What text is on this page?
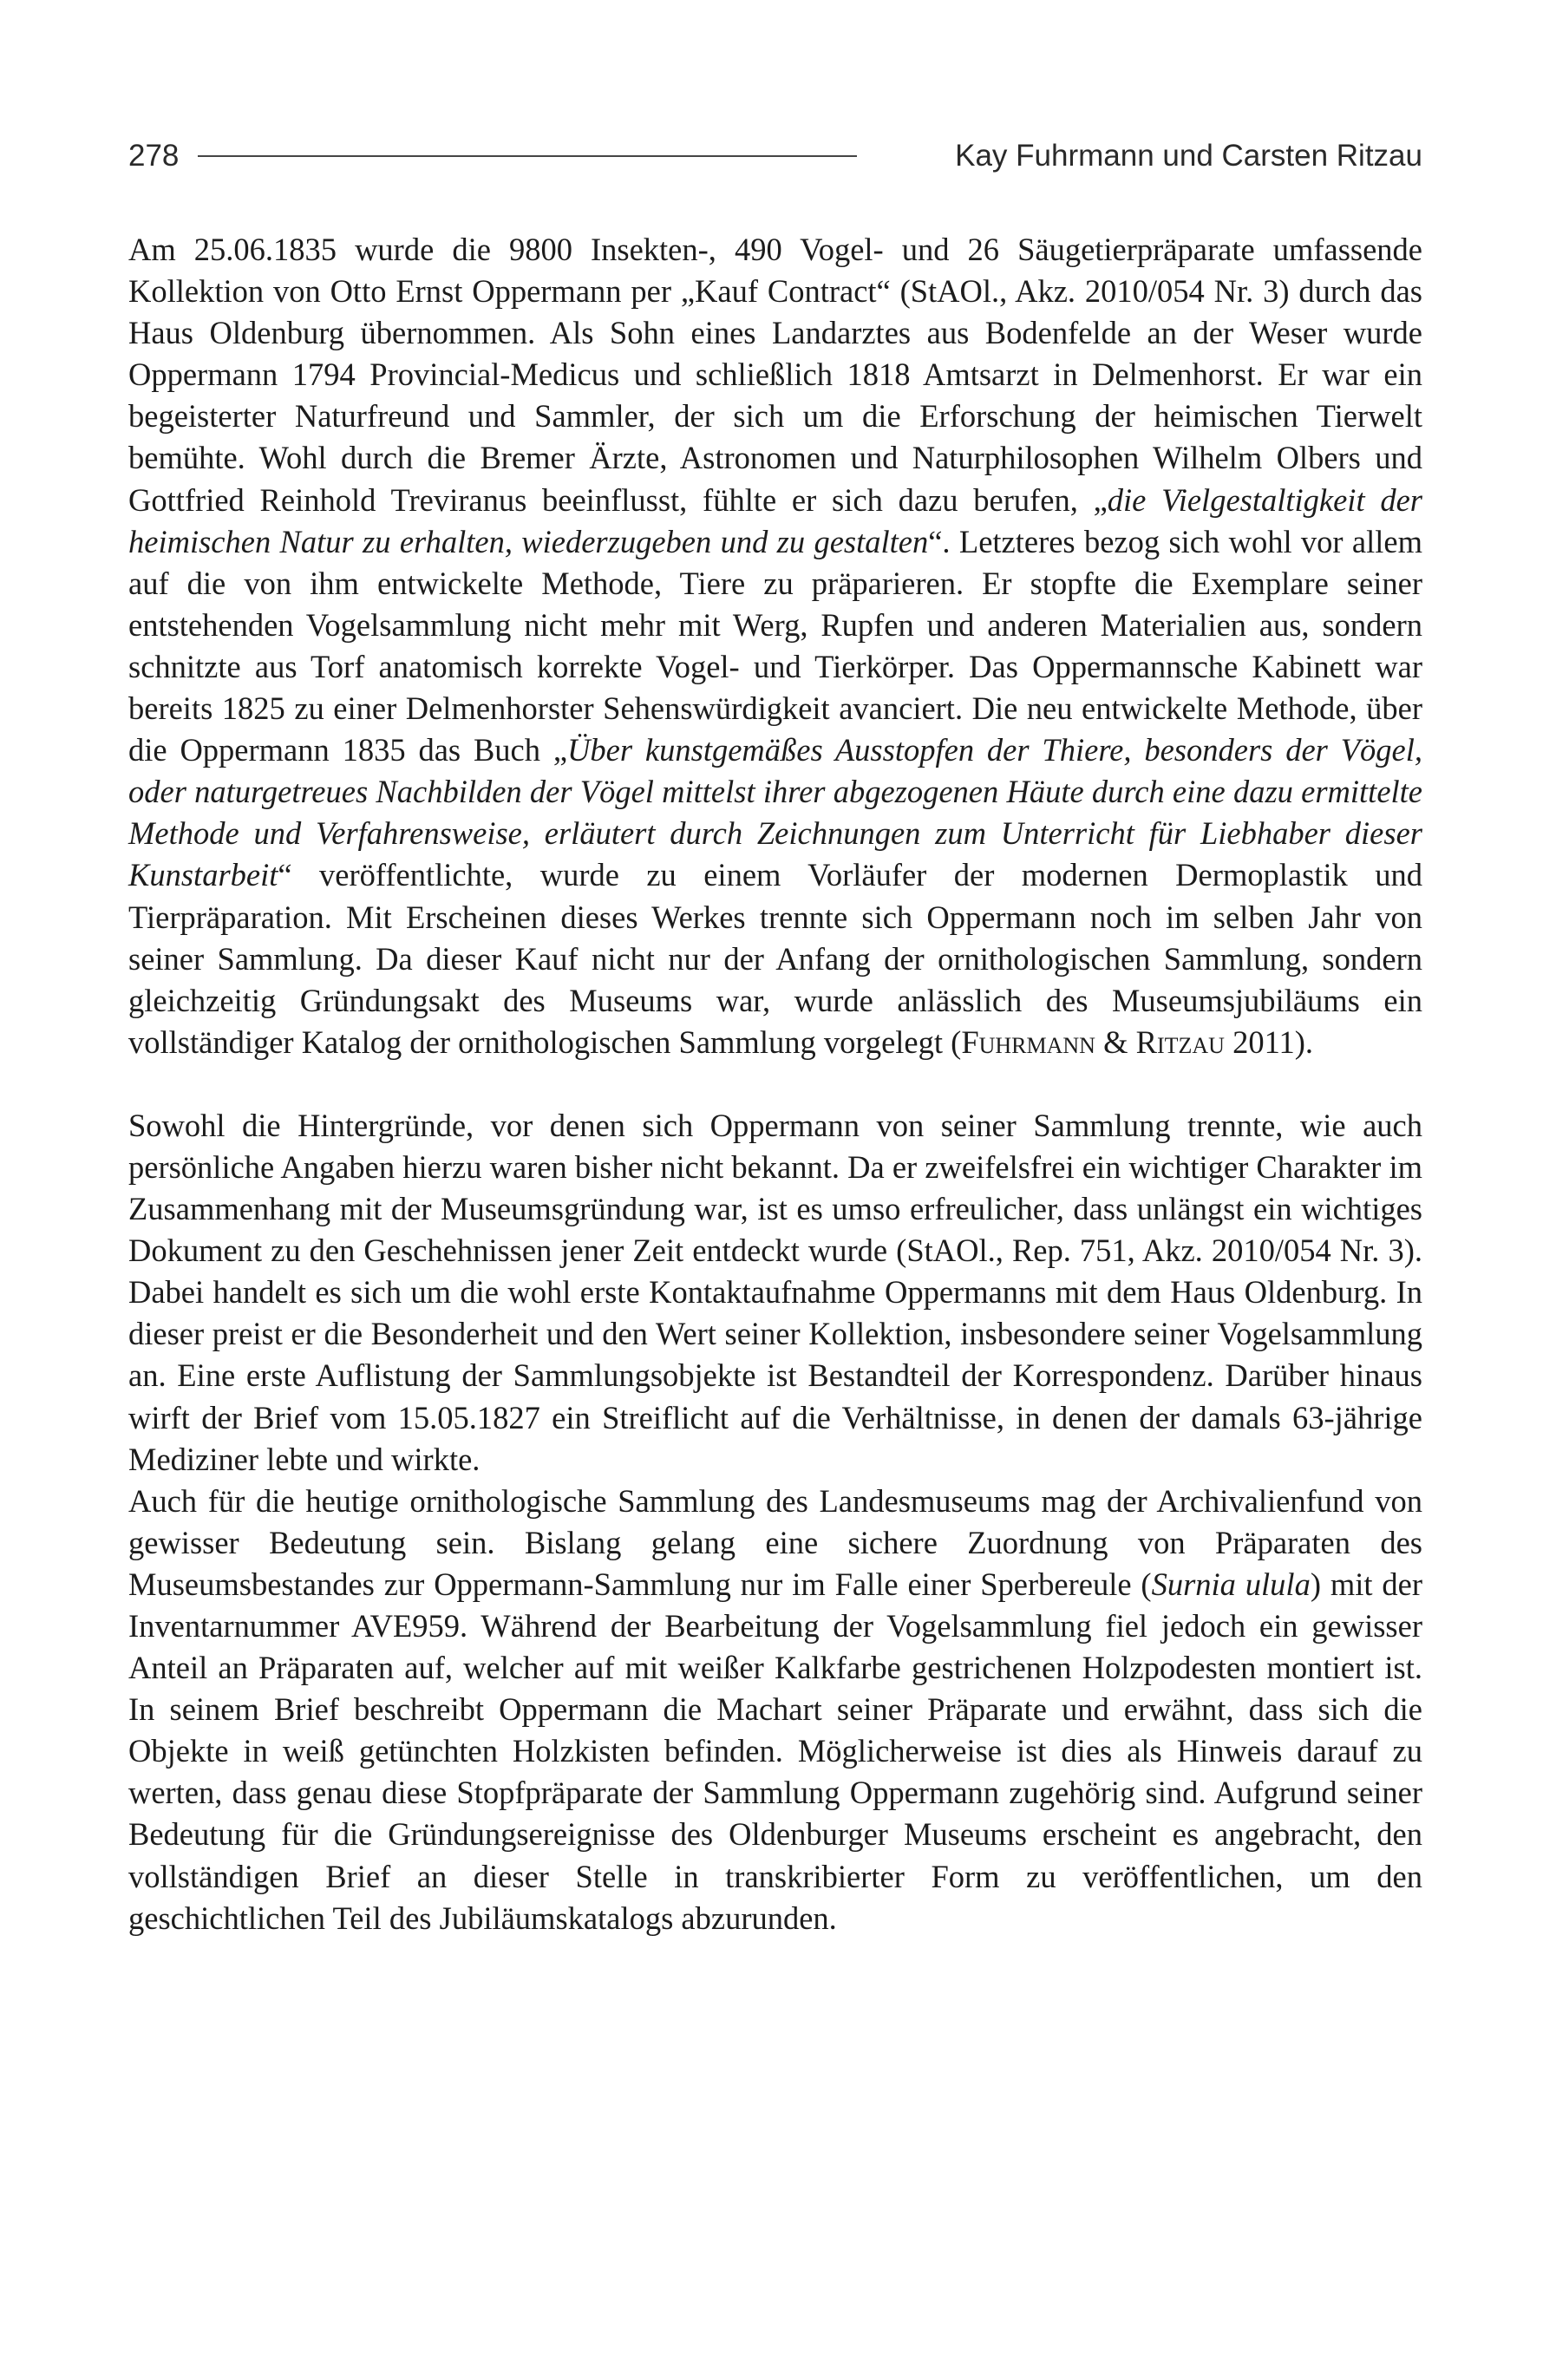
278	Kay Fuhrmann und Carsten Ritzau

Am 25.06.1835 wurde die 9800 Insekten-, 490 Vogel- und 26 Säugetierpräparate umfassende Kollektion von Otto Ernst Oppermann per „Kauf Contract“ (StAOl., Akz. 2010/054 Nr. 3) durch das Haus Oldenburg übernommen. Als Sohn eines Landarztes aus Bodenfelde an der Weser wurde Oppermann 1794 Provincial-Medicus und schließlich 1818 Amtsarzt in Delmenhorst. Er war ein begeisterter Naturfreund und Sammler, der sich um die Erforschung der heimischen Tierwelt bemühte. Wohl durch die Bremer Ärzte, Astronomen und Naturphilosophen Wilhelm Olbers und Gottfried Reinhold Treviranus beeinflusst, fühlte er sich dazu berufen, „die Vielgestaltigkeit der heimischen Natur zu erhalten, wiederzugeben und zu gestalten“. Letzteres bezog sich wohl vor allem auf die von ihm entwickelte Methode, Tiere zu präparieren. Er stopfte die Exemplare seiner entstehenden Vogelsammlung nicht mehr mit Werg, Rupfen und anderen Materialien aus, sondern schnitzte aus Torf anatomisch korrekte Vogel- und Tierkörper. Das Oppermannsche Kabinett war bereits 1825 zu einer Delmenhorster Sehenswürdigkeit avanciert. Die neu entwickelte Methode, über die Oppermann 1835 das Buch „Über kunstgemäßes Ausstopfen der Thiere, besonders der Vögel, oder naturgetreues Nachbilden der Vögel mittelst ihrer abgezogenen Häute durch eine dazu ermittelte Methode und Verfahrensweise, erläutert durch Zeichnungen zum Unterricht für Liebhaber dieser Kunstarbeit“ veröffentlichte, wurde zu einem Vorläufer der modernen Dermoplastik und Tierpräparation. Mit Erscheinen dieses Werkes trennte sich Oppermann noch im selben Jahr von seiner Sammlung. Da dieser Kauf nicht nur der Anfang der ornithologischen Sammlung, sondern gleichzeitig Gründungsakt des Museums war, wurde anlässlich des Museumsjubiläums ein vollständiger Katalog der ornithologischen Sammlung vorgelegt (Fuhrmann & Ritzau 2011).

Sowohl die Hintergründe, vor denen sich Oppermann von seiner Sammlung trennte, wie auch persönliche Angaben hierzu waren bisher nicht bekannt. Da er zweifelsfrei ein wichtiger Charakter im Zusammenhang mit der Museumsgründung war, ist es umso erfreulicher, dass unlängst ein wichtiges Dokument zu den Geschehnissen jener Zeit entdeckt wurde (StAOl., Rep. 751, Akz. 2010/054 Nr. 3). Dabei handelt es sich um die wohl erste Kontaktaufnahme Oppermanns mit dem Haus Oldenburg. In dieser preist er die Besonderheit und den Wert seiner Kollektion, insbesondere seiner Vogelsammlung an. Eine erste Auflistung der Sammlungsobjekte ist Bestandteil der Korrespondenz. Darüber hinaus wirft der Brief vom 15.05.1827 ein Streiflicht auf die Verhältnisse, in denen der damals 63-jährige Mediziner lebte und wirkte.

Auch für die heutige ornithologische Sammlung des Landesmuseums mag der Archivalienfund von gewisser Bedeutung sein. Bislang gelang eine sichere Zuordnung von Präparaten des Museumsbestandes zur Oppermann-Sammlung nur im Falle einer Sperbereule (Surnia ulula) mit der Inventarnummer AVE959. Während der Bearbeitung der Vogelsammlung fiel jedoch ein gewisser Anteil an Präparaten auf, welcher auf mit weißer Kalkfarbe gestrichenen Holzpodesten montiert ist. In seinem Brief beschreibt Oppermann die Machart seiner Präparate und erwähnt, dass sich die Objekte in weiß getünchten Holzkisten befinden. Möglicherweise ist dies als Hinweis darauf zu werten, dass genau diese Stopfpräparate der Sammlung Oppermann zugehörig sind. Aufgrund seiner Bedeutung für die Gründungsereignisse des Oldenburger Museums erscheint es angebracht, den vollständigen Brief an dieser Stelle in transkribierter Form zu veröffentlichen, um den geschichtlichen Teil des Jubiläumskatalogs abzurunden.
